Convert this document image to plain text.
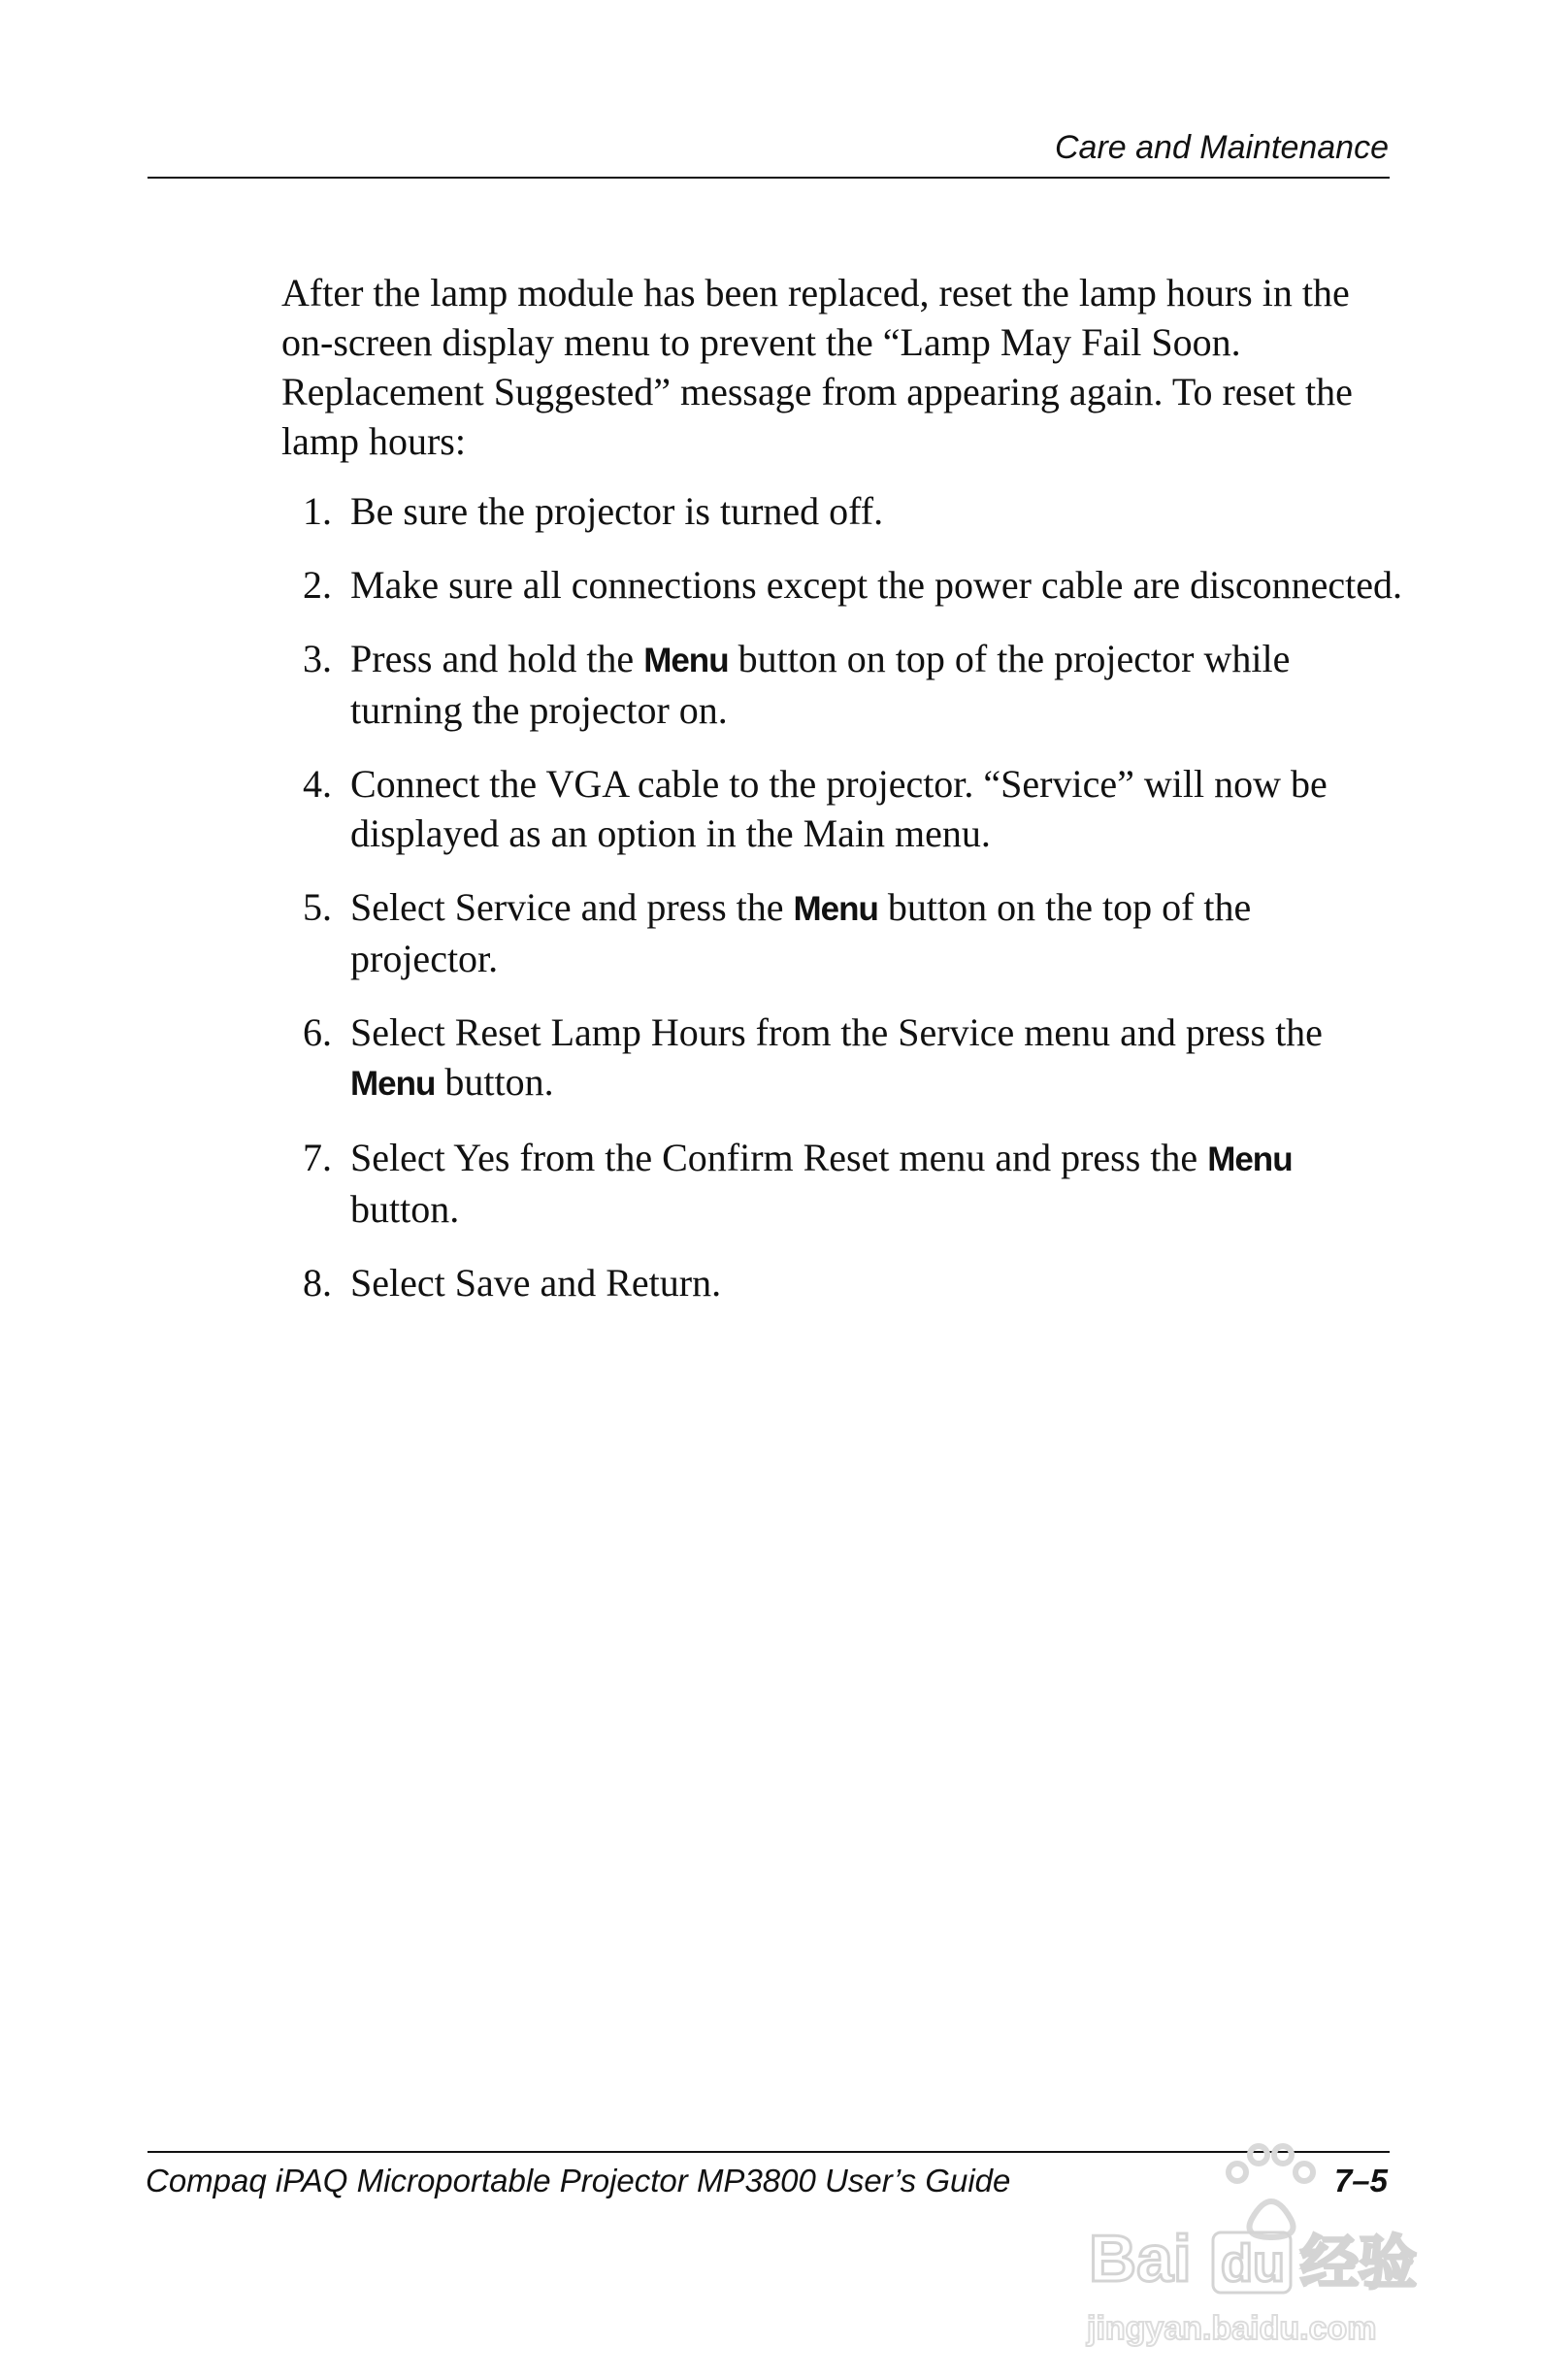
Care and Maintenance

After the lamp module has been replaced, reset the lamp hours in the on-screen display menu to prevent the “Lamp May Fail Soon. Replacement Suggested” message from appearing again. To reset the lamp hours:

1. Be sure the projector is turned off.
2. Make sure all connections except the power cable are disconnected.
3. Press and hold the Menu button on top of the projector while turning the projector on.
4. Connect the VGA cable to the projector. “Service” will now be displayed as an option in the Main menu.
5. Select Service and press the Menu button on the top of the projector.
6. Select Reset Lamp Hours from the Service menu and press the Menu button.
7. Select Yes from the Confirm Reset menu and press the Menu button.
8. Select Save and Return.
Compaq iPAQ Microportable Projector MP3800 User’s Guide	7–5
Bai du 经验
jingyan.baidu.com
